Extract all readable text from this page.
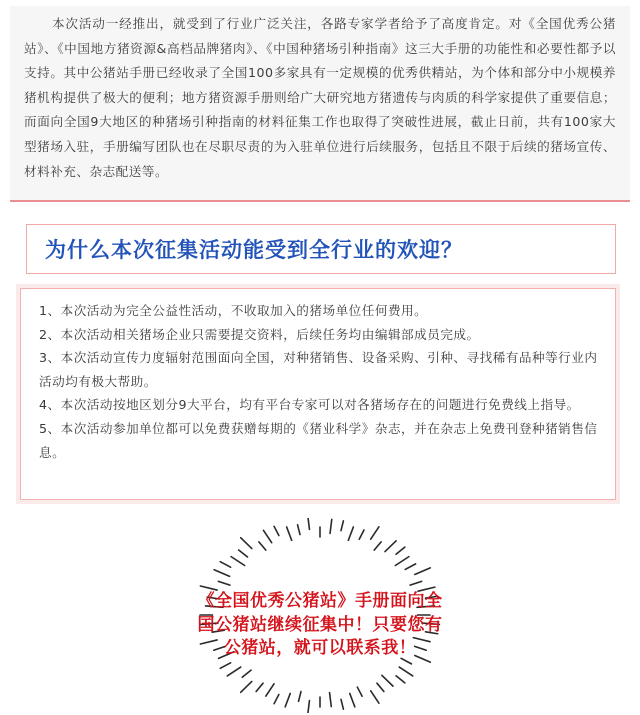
本次活动一经推出，就受到了行业广泛关注，各路专家学者给予了高度肯定。对《全国优秀公猪站》、《中国地方猪资源&高档品牌猪肉》、《中国种猪场引种指南》这三大手册的功能性和必要性都予以支持。其中公猪站手册已经收录了全国100多家具有一定规模的优秀供精站，为个体和部分中小规模养猪机构提供了极大的便利；地方猪资源手册则给广大研究地方猪遗传与肉质的科学家提供了重要信息；而面向全国9大地区的种猪场引种指南的材料征集工作也取得了突破性进展，截止日前，共有100家大型猪场入驻，手册编写团队也在尽职尽责的为入驻单位进行后续服务，包括且不限于后续的猪场宣传、材料补充、杂志配送等。

为什么本次征集活动能受到全行业的欢迎？

1、本次活动为完全公益性活动，不收取加入的猪场单位任何费用。

2、本次活动相关猪场企业只需要提交资料，后续任务均由编辑部成员完成。

3、本次活动宣传力度辐射范围面向全国，对种猪销售、设备采购、引种、寻找稀有品种等行业内活动均有极大帮助。

4、本次活动按地区划分9大平台，均有平台专家可以对各猪场存在的问题进行免费线上指导。

5、本次活动参加单位都可以免费获赠每期的《猪业科学》杂志，并在杂志上免费刊登种猪销售信息。

《全国优秀公猪站》手册面向全
国公猪站继续征集中！只要您有
公猪站，就可以联系我！
